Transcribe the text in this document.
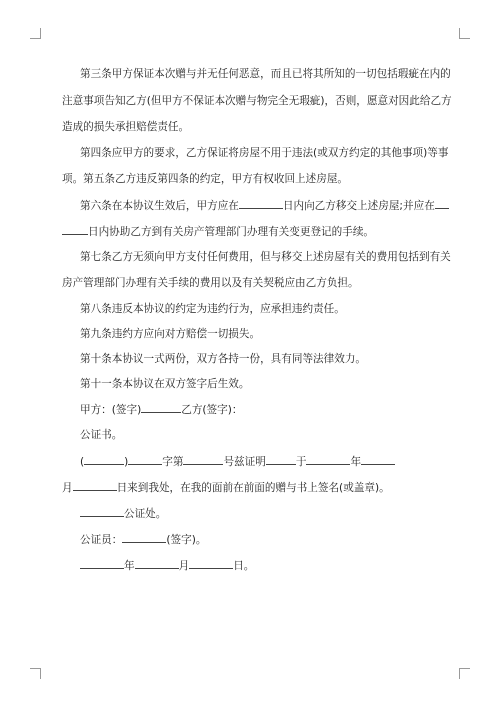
第三条甲方保证本次赠与并无任何恶意，而且已将其所知的一切包括瑕疵在内的
注意事项告知乙方(但甲方不保证本次赠与物完全无瑕疵)，否则，愿意对因此给乙方
造成的损失承担赔偿责任。
第四条应甲方的要求，乙方保证将房屋不用于违法(或双方约定的其他事项)等事
项。第五条乙方违反第四条的约定，甲方有权收回上述房屋。
第六条在本协议生效后，甲方应在	日内向乙方移交上述房屋;并应在
日内协助乙方到有关房产管理部门办理有关变更登记的手续。
第七条乙方无须向甲方支付任何费用，但与移交上述房屋有关的费用包括到有关
房产管理部门办理有关手续的费用以及有关契税应由乙方负担。
第八条违反本协议的约定为违约行为，应承担违约责任。
第九条违约方应向对方赔偿一切损失。
第十条本协议一式两份，双方各持一份，具有同等法律效力。
第十一条本协议在双方签字后生效。
甲方：(签字)	乙方(签字)：
公证书。
(	)	字第	号兹证明	于	年
月	日来到我处，在我的面前在前面的赠与书上签名(或盖章)。
公证处。
公证员：	(签字)。
年	月	日。
